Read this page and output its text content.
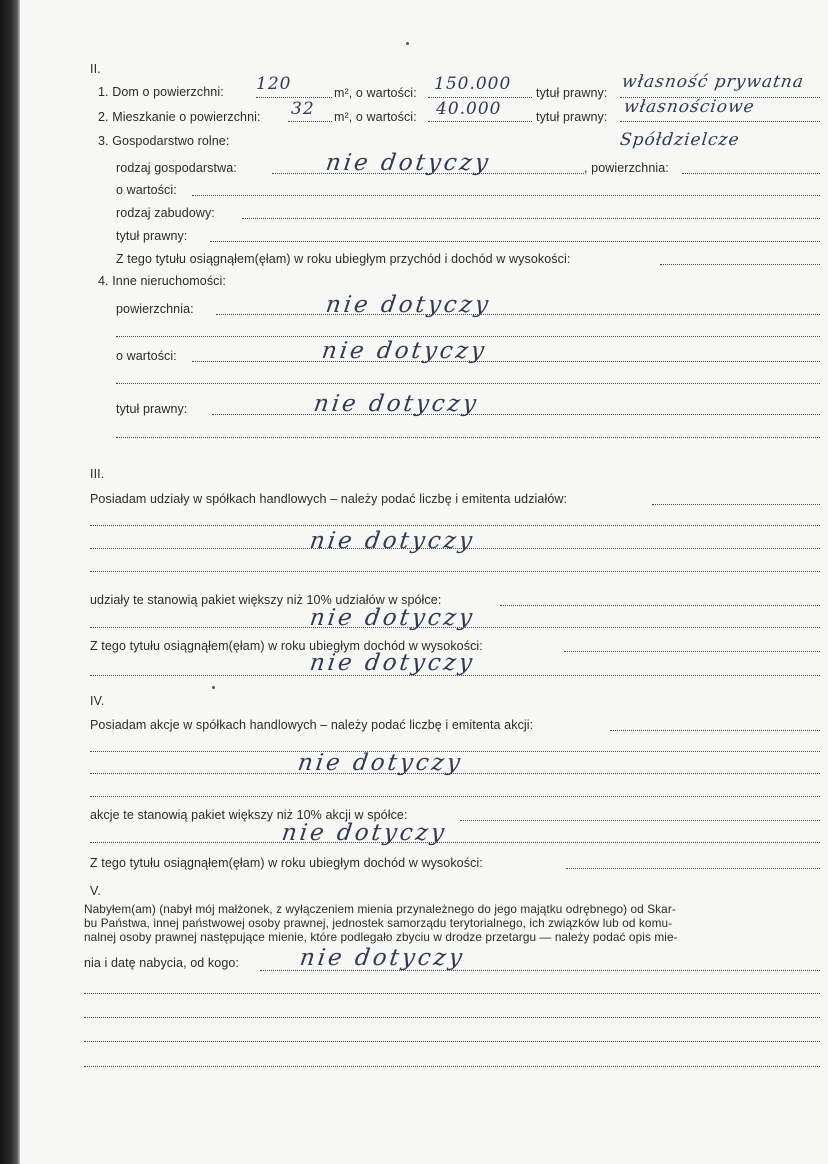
II.
1. Dom o powierzchni: 120	m², o wartości: 150.000 tytuł prawny:
własność prywatna
2. Mieszkanie o powierzchni: 32 m², o wartości: 40.000	tytuł prawny: własnościowe
Spółdzielcze
3. Gospodarstwo rolne:
rodzaj gospodarstwa:	nie dotyczy	, powierzchnia:
o wartości:
rodzaj zabudowy:
tytuł prawny:
Z tego tytułu osiągnąłem(ęłam) w roku ubiegłym przychód i dochód w wysokości:
4. Inne nieruchomości:
powierzchnia:	nie dotyczy
o wartości:	nie dotyczy
tytuł prawny:	nie dotyczy
III.
Posiadam udziały w spółkach handlowych – należy podać liczbę i emitenta udziałów:
nie dotyczy
udziały te stanowią pakiet większy niż 10% udziałów w spółce:
nie dotyczy
Z tego tytułu osiągnąłem(ęłam) w roku ubiegłym dochód w wysokości:
nie dotyczy
IV.
Posiadam akcje w spółkach handlowych – należy podać liczbę i emitenta akcji:
nie dotyczy
akcje te stanowią pakiet większy niż 10% akcji w spółce:
nie dotyczy
Z tego tytułu osiągnąłem(ęłam) w roku ubiegłym dochód w wysokości:
V.
Nabyłem(am) (nabył mój małżonek, z wyłączeniem mienia przynależnego do jego majątku odrębnego) od Skar-
bu Państwa, innej państwowej osoby prawnej, jednostek samorządu terytorialnego, ich związków lub od komu-
nalnej osoby prawnej następujące mienie, które podlegało zbyciu w drodze przetargu — należy podać opis mie-
nia i datę nabycia, od kogo:	nie dotyczy
